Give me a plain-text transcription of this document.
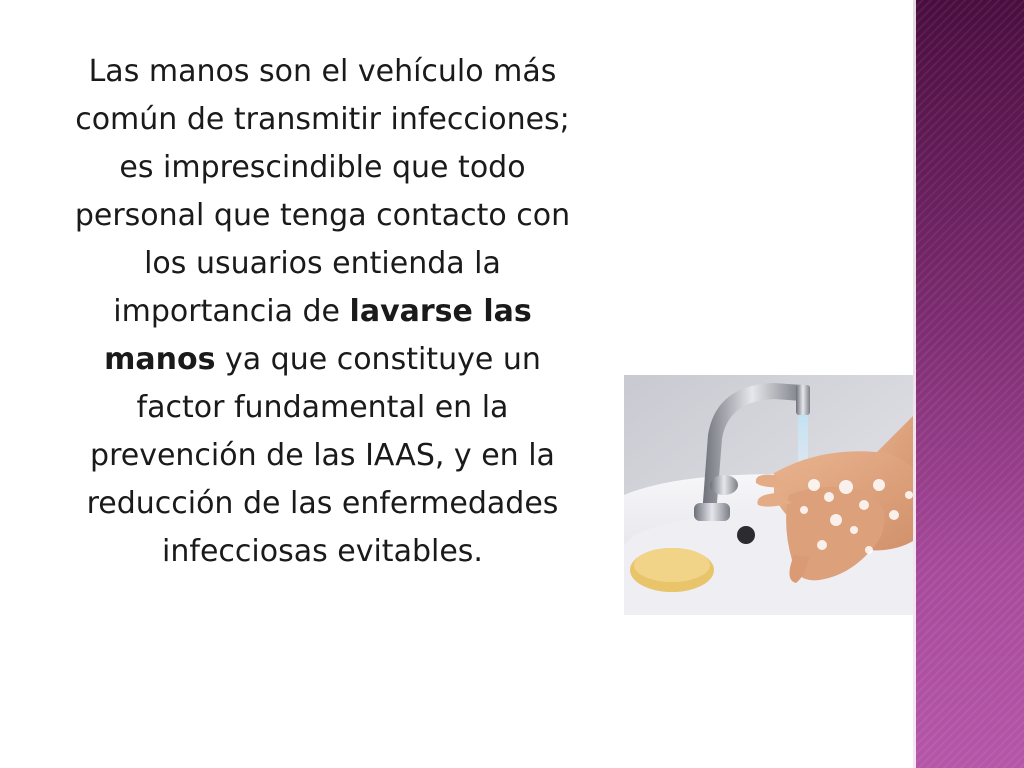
Las manos son el vehículo más común de transmitir infecciones;

es imprescindible que todo personal que tenga contacto con los usuarios entienda la importancia de lavarse las manos ya que constituye un factor fundamental en la prevención de las IAAS, y en la reducción de las enfermedades infecciosas evitables.
